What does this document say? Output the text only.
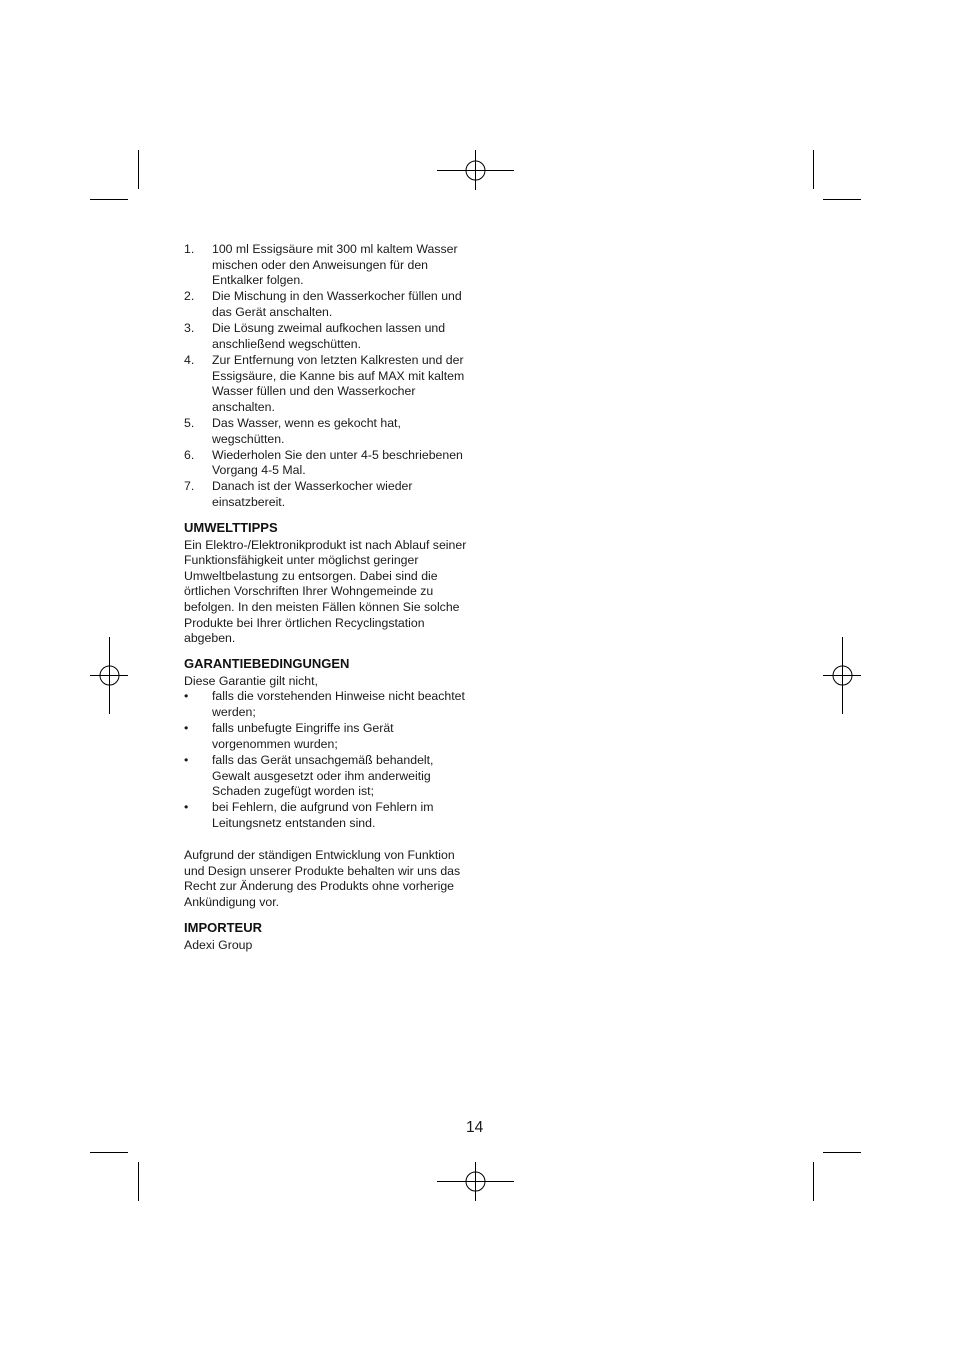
1. 100 ml Essigsäure mit 300 ml kaltem Wasser mischen oder den Anweisungen für den Entkalker folgen.
2. Die Mischung in den Wasserkocher füllen und das Gerät anschalten.
3. Die Lösung zweimal aufkochen lassen und anschließend wegschütten.
4. Zur Entfernung von letzten Kalkresten und der Essigsäure, die Kanne bis auf MAX mit kaltem Wasser füllen und den Wasserkocher anschalten.
5. Das Wasser, wenn es gekocht hat, wegschütten.
6. Wiederholen Sie den unter 4-5 beschriebenen Vorgang 4-5 Mal.
7. Danach ist der Wasserkocher wieder einsatzbereit.
UMWELTTIPPS

Ein Elektro-/Elektronikprodukt ist nach Ablauf seiner Funktionsfähigkeit unter möglichst geringer Umweltbelastung zu entsorgen. Dabei sind die örtlichen Vorschriften Ihrer Wohngemeinde zu befolgen. In den meisten Fällen können Sie solche Produkte bei Ihrer örtlichen Recyclingstation abgeben.

GARANTIEBEDINGUNGEN

Diese Garantie gilt nicht,

• falls die vorstehenden Hinweise nicht beachtet werden;
• falls unbefugte Eingriffe ins Gerät vorgenommen wurden;
• falls das Gerät unsachgemäß behandelt, Gewalt ausgesetzt oder ihm anderweitig Schaden zugefügt worden ist;
• bei Fehlern, die aufgrund von Fehlern im Leitungsnetz entstanden sind.

Aufgrund der ständigen Entwicklung von Funktion und Design unserer Produkte behalten wir uns das Recht zur Änderung des Produkts ohne vorherige Ankündigung vor.

IMPORTEUR

Adexi Group

14
